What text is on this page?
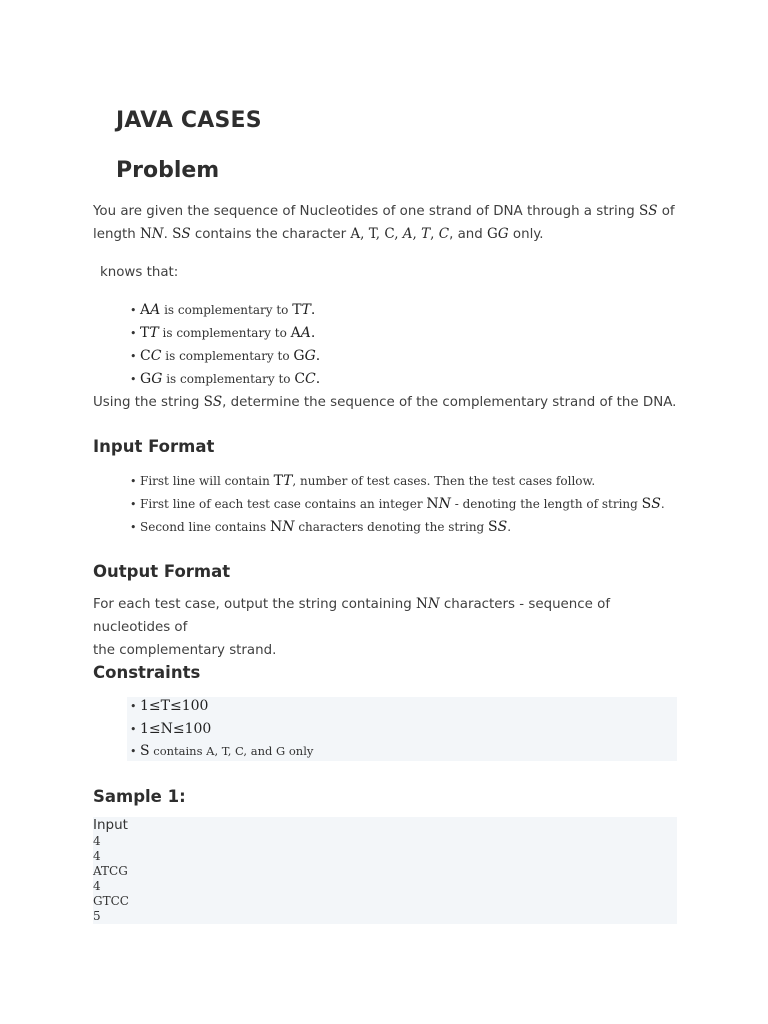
JAVA CASES
Problem
You are given the sequence of Nucleotides of one strand of DNA through a string SS of
length NN. SS contains the character A, T, C, A, T, C, and GG only.
knows that:
• AA is complementary to TT.
• TT is complementary to AA.
• CC is complementary to GG.
• GG is complementary to CC.
Using the string SS, determine the sequence of the complementary strand of the DNA.
Input Format
• First line will contain TT, number of test cases. Then the test cases follow.
• First line of each test case contains an integer NN - denoting the length of string SS.
• Second line contains NN characters denoting the string SS.
Output Format
For each test case, output the string containing NN characters - sequence of nucleotides of
the complementary strand.
Constraints
• 1≤T≤100
• 1≤N≤100
• S contains A, T, C, and G only
Sample 1:
Input
4
4
ATCG
4
GTCC
5
